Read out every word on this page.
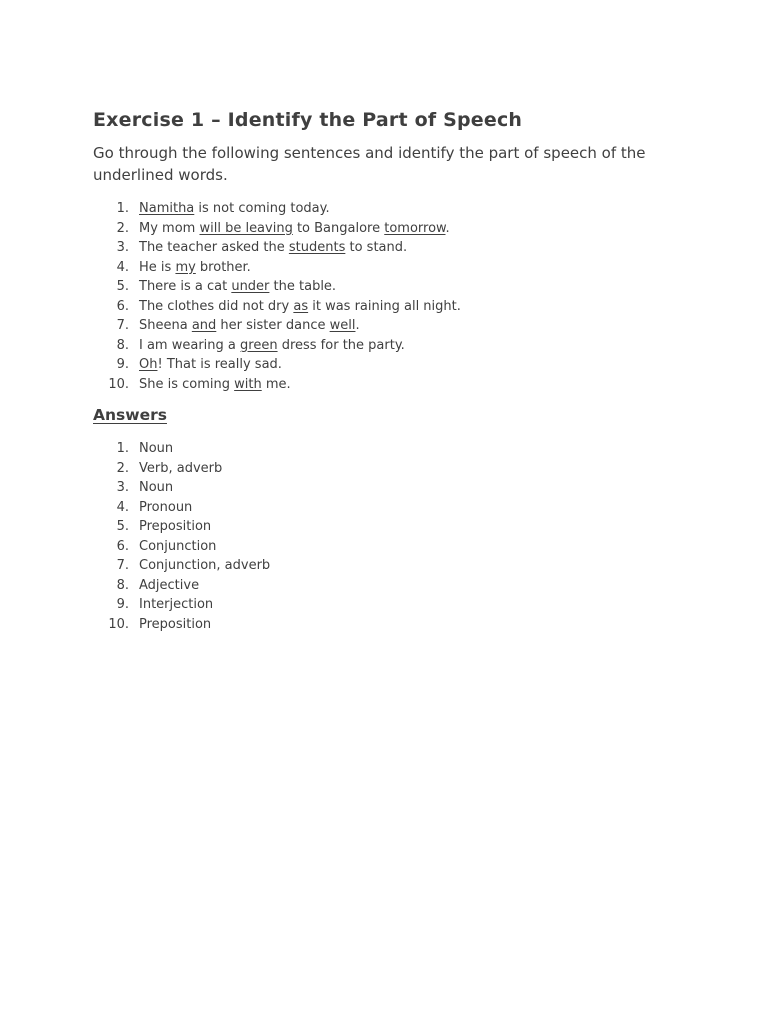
Exercise 1 – Identify the Part of Speech

Go through the following sentences and identify the part of speech of the underlined words.

1. Namitha is not coming today.
2. My mom will be leaving to Bangalore tomorrow.
3. The teacher asked the students to stand.
4. He is my brother.
5. There is a cat under the table.
6. The clothes did not dry as it was raining all night.
7. Sheena and her sister dance well.
8. I am wearing a green dress for the party.
9. Oh! That is really sad.
10. She is coming with me.
Answers
1. Noun
2. Verb, adverb
3. Noun
4. Pronoun
5. Preposition
6. Conjunction
7. Conjunction, adverb
8. Adjective
9. Interjection
10. Preposition
